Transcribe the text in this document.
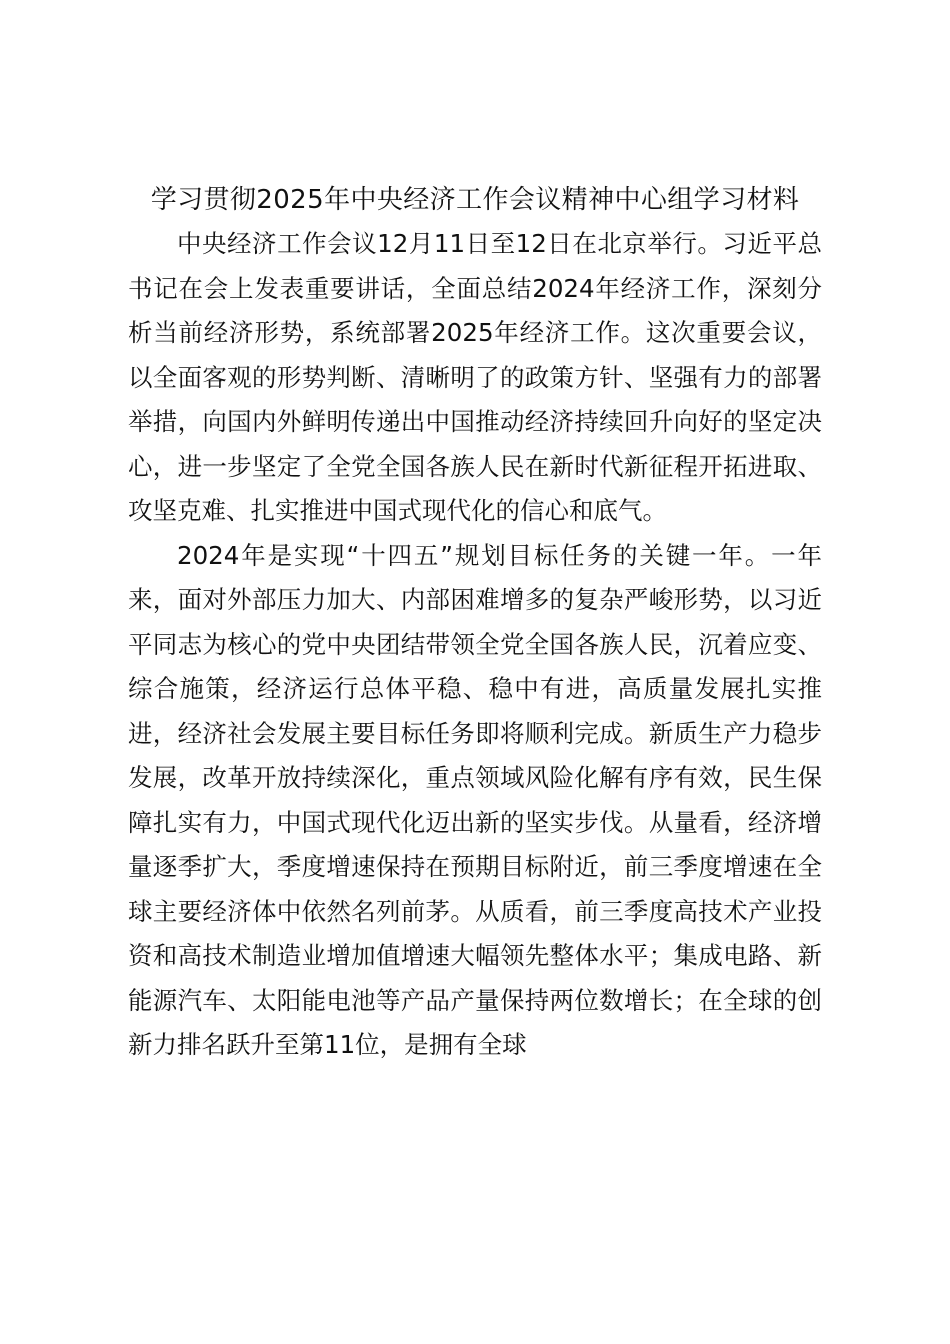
学习贯彻2025年中央经济工作会议精神中心组学习材料

中央经济工作会议12月11日至12日在北京举行。习近平总书记在会上发表重要讲话，全面总结2024年经济工作，深刻分析当前经济形势，系统部署2025年经济工作。这次重要会议，以全面客观的形势判断、清晰明了的政策方针、坚强有力的部署举措，向国内外鲜明传递出中国推动经济持续回升向好的坚定决心，进一步坚定了全党全国各族人民在新时代新征程开拓进取、攻坚克难、扎实推进中国式现代化的信心和底气。

2024年是实现“十四五”规划目标任务的关键一年。一年来，面对外部压力加大、内部困难增多的复杂严峻形势，以习近平同志为核心的党中央团结带领全党全国各族人民，沉着应变、综合施策，经济运行总体平稳、稳中有进，高质量发展扎实推进，经济社会发展主要目标任务即将顺利完成。新质生产力稳步发展，改革开放持续深化，重点领域风险化解有序有效，民生保障扎实有力，中国式现代化迈出新的坚实步伐。从量看，经济增量逐季扩大，季度增速保持在预期目标附近，前三季度增速在全球主要经济体中依然名列前茅。从质看，前三季度高技术产业投资和高技术制造业增加值增速大幅领先整体水平；集成电路、新能源汽车、太阳能电池等产品产量保持两位数增长；在全球的创新力排名跃升至第11位，是拥有全球
